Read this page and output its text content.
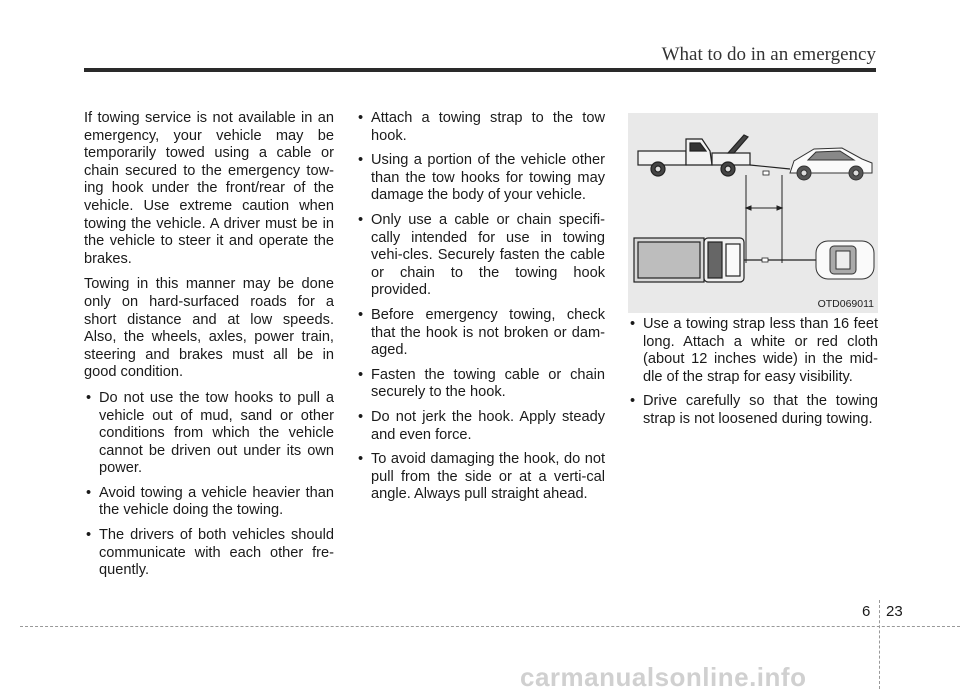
What to do in an emergency

If towing service is not available in an emergency, your vehicle may be temporarily towed using a cable or chain secured to the emergency tow-ing hook under the front/rear of the vehicle. Use extreme caution when towing the vehicle. A driver must be in the vehicle to steer it and operate the brakes.

Towing in this manner may be done only on hard-surfaced roads for a short distance and at low speeds. Also, the wheels, axles, power train, steering and brakes must all be in good condition.

• Do not use the tow hooks to pull a vehicle out of mud, sand or other conditions from which the vehicle cannot be driven out under its own power.
• Avoid towing a vehicle heavier than the vehicle doing the towing.
• The drivers of both vehicles should communicate with each other fre-quently.
• Attach a towing strap to the tow hook.
• Using a portion of the vehicle other than the tow hooks for towing may damage the body of your vehicle.
• Only use a cable or chain specifi-cally intended for use in towing vehi-cles. Securely fasten the cable or chain to the towing hook provided.
• Before emergency towing, check that the hook is not broken or dam-aged.
• Fasten the towing cable or chain securely to the hook.
• Do not jerk the hook. Apply steady and even force.
• To avoid damaging the hook, do not pull from the side or at a verti-cal angle. Always pull straight ahead.
OTD069011
• Use a towing strap less than 16 feet long. Attach a white or red cloth (about 12 inches wide) in the mid-dle of the strap for easy visibility.
• Drive carefully so that the towing strap is not loosened during towing.
6 23
carmanualsonline.info
